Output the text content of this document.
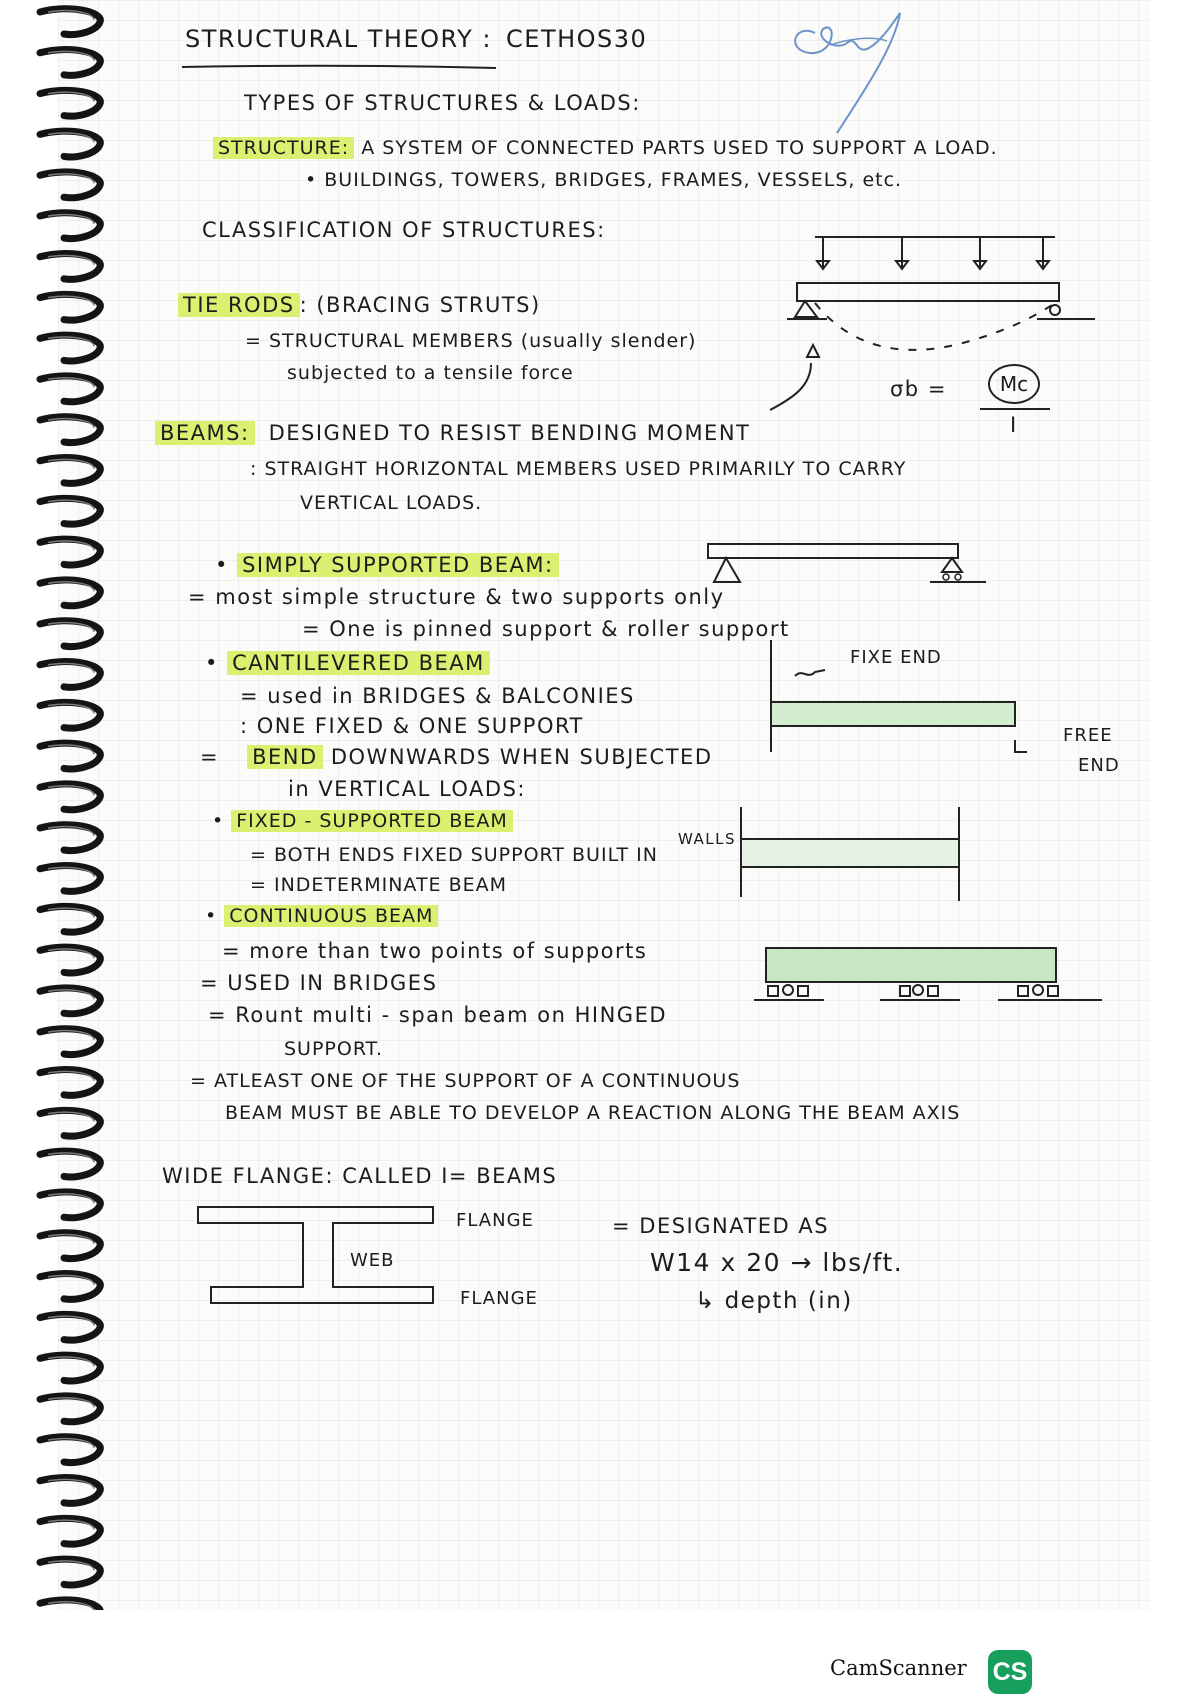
STRUCTURAL THEORY : CETHOS30
TYPES OF STRUCTURES & LOADS:
STRUCTURE: A SYSTEM OF CONNECTED PARTS USED TO SUPPORT A LOAD.
• BUILDINGS, TOWERS, BRIDGES, FRAMES, VESSELS, etc.
CLASSIFICATION OF STRUCTURES:
TIE RODS : (BRACING STRUTS)
= STRUCTURAL MEMBERS (usually slender)
subjected to a tensile force
σb =	Mc
I
BEAMS: DESIGNED TO RESIST BENDING MOMENT
: STRAIGHT HORIZONTAL MEMBERS USED PRIMARILY TO CARRY
VERTICAL LOADS.
• SIMPLY SUPPORTED BEAM:
= most simple structure & two supports only
= One is pinned support & roller support
• CANTILEVERED BEAM
= used in BRIDGES & BALCONIES
: ONE FIXED & ONE SUPPORT
= BEND DOWNWARDS WHEN SUBJECTED
in VERTICAL LOADS:
FIXE END
FREE
END
• FIXED - SUPPORTED BEAM
= BOTH ENDS FIXED SUPPORT BUILT IN
WALLS
= INDETERMINATE BEAM
• CONTINUOUS BEAM
= more than two points of supports
= USED IN BRIDGES
= Rount multi - span beam on HINGED
SUPPORT.
= ATLEAST ONE OF THE SUPPORT OF A CONTINUOUS
BEAM MUST BE ABLE TO DEVELOP A REACTION ALONG THE BEAM AXIS
WIDE FLANGE: CALLED I= BEAMS
FLANGE
WEB
FLANGE
= DESIGNATED AS
W14 x 20 → lbs/ft.
↳ depth (in)
CamScanner CS
